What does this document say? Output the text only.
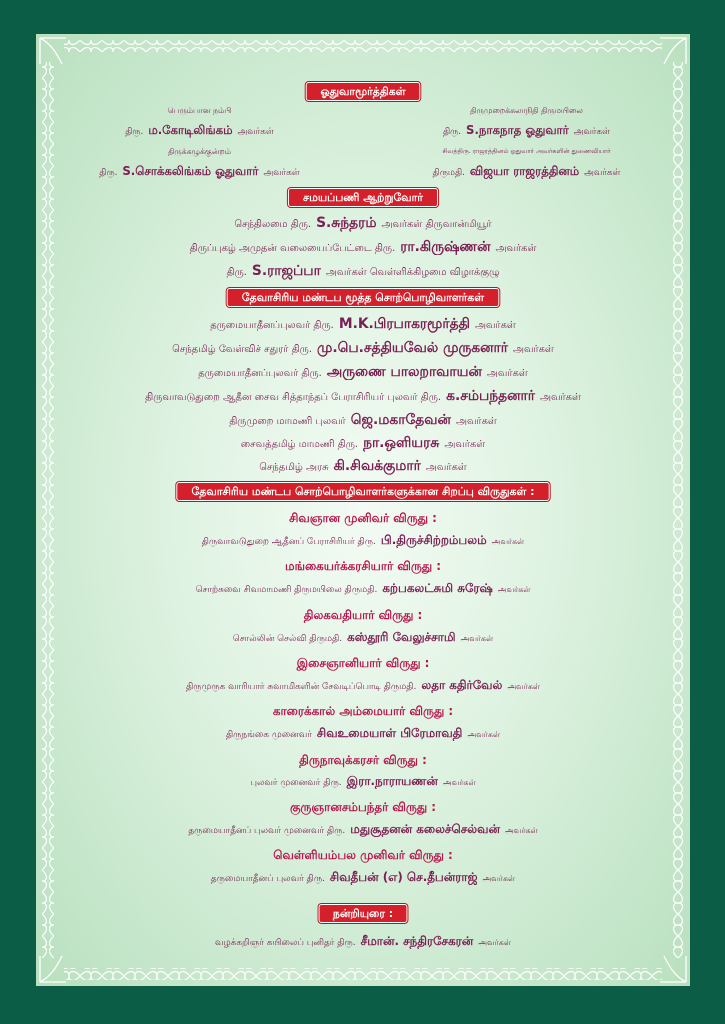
ஓதுவாமூர்த்திகள்
பெரும்பான நம்பி	திருமுறைக்கலாநிதி திருமயிலை
திரு. ம.கோடிலிங்கம் அவர்கள்	திரு. S.நாகநாத ஓதுவார் அவர்கள்
திருக்கழுக்குன்றம்	சிவத்திரு. ராஜரத்தினம் ஓதுவார் அவர்களின் துணைவியார்
திரு. S.சொக்கலிங்கம் ஓதுவார் அவர்கள்	திருமதி. விஜயா ராஜரத்தினம் அவர்கள்
சமயப்பணி ஆற்றுவோர்
செந்திலமை திரு. S.சுந்தரம் அவர்கள் திருவான்மியூர்
திருப்புகழ் அமுதன் வலையைப்பேட்டை திரு. ரா.கிருஷ்ணன் அவர்கள்
திரு. S.ராஜப்பா அவர்கள் வெள்ளிக்கிழமை விழாக்குழு
தேவாசிரிய மண்டப மூத்த சொற்பொழிவாளர்கள்
தருமையாதீனப்புலவர் திரு. M.K.பிரபாகரமூர்த்தி அவர்கள்
செந்தமிழ் வேள்விச் சதுரர் திரு. மு.பெ.சத்தியவேல் முருகனார் அவர்கள்
தருமையாதீனப்புலவர் திரு. அருணை பாலறாவாயன் அவர்கள்
திருவாவடுதுறை ஆதீன சைவ சித்தாந்தப் பேராசிரியர் புலவர் திரு. க.சம்பந்தனார் அவர்கள்
திருமுறை மாமணி புலவர் ஜெ.மகாதேவன் அவர்கள்
சைவத்தமிழ் மாமணி திரு. நா.ஒளியரசு அவர்கள்
செந்தமிழ் அரசு கி.சிவக்குமார் அவர்கள்
தேவாசிரிய மண்டப சொற்பொழிவாளர்களுக்கான சிறப்பு விருதுகள் :
சிவஞான முனிவர் விருது :
திருவாவடுதுறை ஆதீனப் பேராசிரியர் திரு. பி.திருச்சிற்றம்பலம் அவர்கள்
மங்கையர்க்கரசியார் விருது :
சொற்சுவை சிவமாமணி திருமயிலை திருமதி. கற்பகலட்சுமி சுரேஷ் அவர்கள்
திலகவதியார் விருது :
சொல்லின் செல்வி திருமதி. கஸ்தூரி வேலுச்சாமி அவர்கள்
இசைஞானியார் விருது :
திருமுருக வாரியார் சுவாமிகளின் சேவடிப்பொடி திருமதி. லதா கதிர்வேல் அவர்கள்
காரைக்கால் அம்மையார் விருது :
திருநங்கை முனைவர் சிவஉமையாள் பிரேமாவதி அவர்கள்
திருநாவுக்கரசர் விருது :
புலவர் முனைவர் திரு. இரா.நாராயணன் அவர்கள்
குருஞானசம்பந்தர் விருது :
தருமையாதீனப் புலவர் முனைவர் திரு. மதுசூதனன் கலைச்செல்வன் அவர்கள்
வெள்ளியம்பல முனிவர் விருது :
தருமையாதீனப் புலவர் திரு. சிவதீபன் (எ) செ.தீபன்ராஜ் அவர்கள்
நன்றியுரை :
வழக்கறிஞர் கயிலைப் புனிதர் திரு. சீமான். சந்திரசேகரன் அவர்கள்
